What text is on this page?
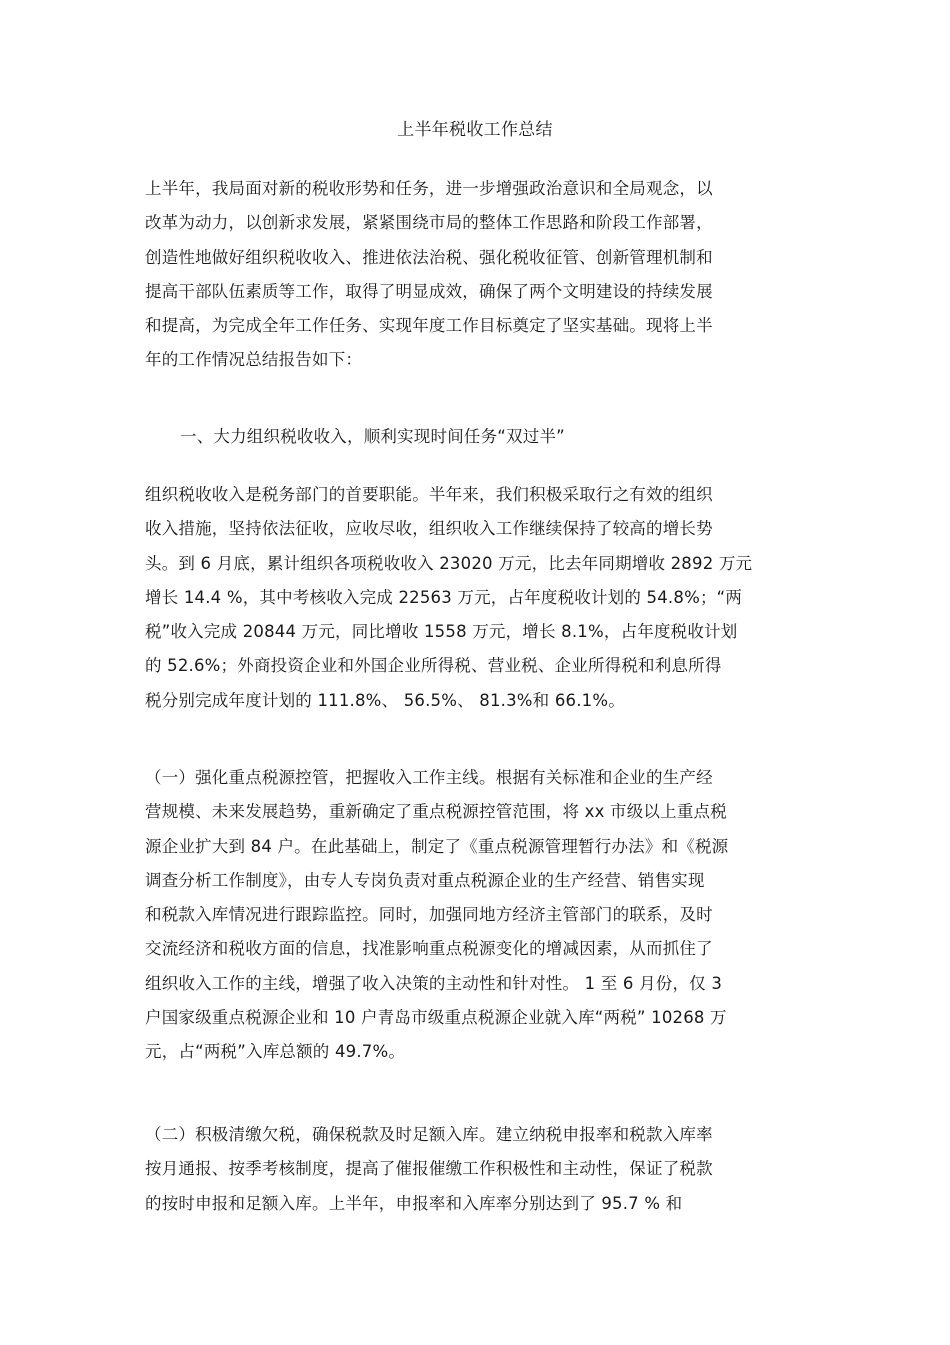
上半年税收工作总结
上半年，我局面对新的税收形势和任务，进一步增强政治意识和全局观念，以
改革为动力，以创新求发展，紧紧围绕市局的整体工作思路和阶段工作部署，
创造性地做好组织税收收入、推进依法治税、强化税收征管、创新管理机制和
提高干部队伍素质等工作，取得了明显成效，确保了两个文明建设的持续发展
和提高，为完成全年工作任务、实现年度工作目标奠定了坚实基础。现将上半
年的工作情况总结报告如下：
一、大力组织税收收入，顺利实现时间任务“双过半”
组织税收收入是税务部门的首要职能。半年来，我们积极采取行之有效的组织
收入措施，坚持依法征收，应收尽收，组织收入工作继续保持了较高的增长势
头。到 6 月底，累计组织各项税收收入 23020 万元，比去年同期增收 2892 万元
增长 14.4 %，其中考核收入完成 22563 万元，占年度税收计划的 54.8%；“两
税”收入完成 20844 万元，同比增收 1558 万元，增长 8.1%，占年度税收计划
的 52.6%；外商投资企业和外国企业所得税、营业税、企业所得税和利息所得
税分别完成年度计划的 111.8%、 56.5%、 81.3%和 66.1%。
（一）强化重点税源控管，把握收入工作主线。根据有关标准和企业的生产经
营规模、未来发展趋势，重新确定了重点税源控管范围，将 xx 市级以上重点税
源企业扩大到 84 户。在此基础上，制定了《重点税源管理暂行办法》和《税源
调查分析工作制度》，由专人专岗负责对重点税源企业的生产经营、销售实现
和税款入库情况进行跟踪监控。同时，加强同地方经济主管部门的联系，及时
交流经济和税收方面的信息，找准影响重点税源变化的增减因素，从而抓住了
组织收入工作的主线，增强了收入决策的主动性和针对性。 1 至 6 月份，仅 3
户国家级重点税源企业和 10 户青岛市级重点税源企业就入库“两税” 10268 万
元，占“两税”入库总额的 49.7%。
（二）积极清缴欠税，确保税款及时足额入库。建立纳税申报率和税款入库率
按月通报、按季考核制度，提高了催报催缴工作积极性和主动性，保证了税款
的按时申报和足额入库。上半年，申报率和入库率分别达到了 95.7 % 和
